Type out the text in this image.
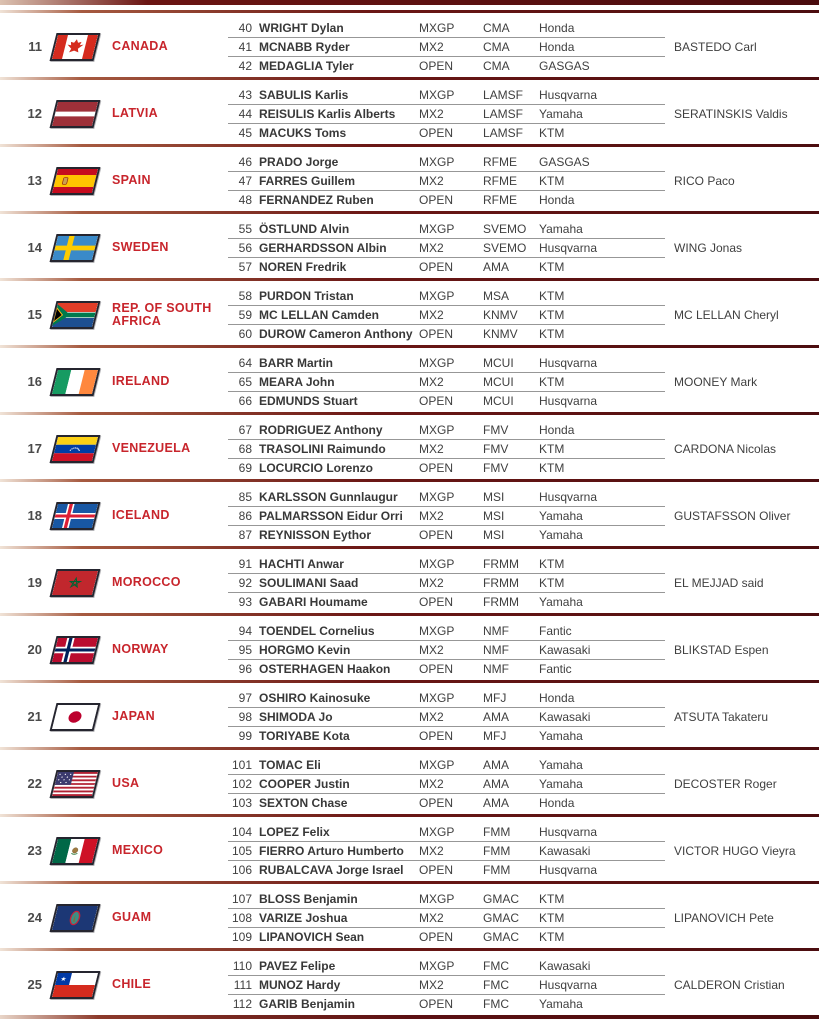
11	CANADA
40 WRIGHT Dylan	MXGP	CMA	Honda
41 MCNABB Ryder	MX2	CMA	Honda
42 MEDAGLIA Tyler	OPEN	CMA	GASGAS
BASTEDO Carl
12	LATVIA
43 SABULIS Karlis	MXGP	LAMSF	Husqvarna
44 REISULIS Karlis Alberts	MX2	LAMSF	Yamaha
45 MACUKS Toms	OPEN	LAMSF	KTM
SERATINSKIS Valdis
13	SPAIN
46 PRADO Jorge	MXGP	RFME	GASGAS
47 FARRES Guillem	MX2	RFME	KTM
48 FERNANDEZ Ruben	OPEN	RFME	Honda
RICO Paco
14	SWEDEN
55 ÖSTLUND Alvin	MXGP	SVEMO	Yamaha
56 GERHARDSSON Albin	MX2	SVEMO	Husqvarna
57 NOREN Fredrik	OPEN	AMA	KTM
WING Jonas
15	REP. OF SOUTH AFRICA
58 PURDON Tristan	MXGP	MSA	KTM
59 MC LELLAN Camden	MX2	KNMV	KTM
60 DUROW Cameron Anthony OPEN	KNMV	KTM
MC LELLAN Cheryl
16	IRELAND
64 BARR Martin	MXGP	MCUI	Husqvarna
65 MEARA John	MX2	MCUI	KTM
66 EDMUNDS Stuart	OPEN	MCUI	Husqvarna
MOONEY Mark
17	VENEZUELA
67 RODRIGUEZ Anthony	MXGP	FMV	Honda
68 TRASOLINI Raimundo	MX2	FMV	KTM
69 LOCURCIO Lorenzo	OPEN	FMV	KTM
CARDONA Nicolas
18	ICELAND
85 KARLSSON Gunnlaugur	MXGP	MSI	Husqvarna
86 PALMARSSON Eidur Orri	MX2	MSI	Yamaha
87 REYNISSON Eythor	OPEN	MSI	Yamaha
GUSTAFSSON Oliver
19	MOROCCO
91 HACHTI Anwar	MXGP	FRMM	KTM
92 SOULIMANI Saad	MX2	FRMM	KTM
93 GABARI Houmame	OPEN	FRMM	Yamaha
EL MEJJAD said
20	NORWAY
94 TOENDEL Cornelius	MXGP	NMF	Fantic
95 HORGMO Kevin	MX2	NMF	Kawasaki
96 OSTERHAGEN Haakon	OPEN	NMF	Fantic
BLIKSTAD Espen
21	JAPAN
97 OSHIRO Kainosuke	MXGP	MFJ	Honda
98 SHIMODA Jo	MX2	AMA	Kawasaki
99 TORIYABE Kota	OPEN	MFJ	Yamaha
ATSUTA Takateru
22	USA
101 TOMAC Eli	MXGP	AMA	Yamaha
102 COOPER Justin	MX2	AMA	Yamaha
103 SEXTON Chase	OPEN	AMA	Honda
DECOSTER Roger
23	MEXICO
104 LOPEZ Felix	MXGP	FMM	Husqvarna
105 FIERRO Arturo Humberto	MX2	FMM	Kawasaki
106 RUBALCAVA Jorge Israel	OPEN	FMM	Husqvarna
VICTOR HUGO Vieyra
24	GUAM
107 BLOSS Benjamin	MXGP	GMAC	KTM
108 VARIZE Joshua	MX2	GMAC	KTM
109 LIPANOVICH Sean	OPEN	GMAC	KTM
LIPANOVICH Pete
25	CHILE
110 PAVEZ Felipe	MXGP	FMC	Kawasaki
111 MUNOZ Hardy	MX2	FMC	Husqvarna
112 GARIB Benjamin	OPEN	FMC	Yamaha
CALDERON Cristian
